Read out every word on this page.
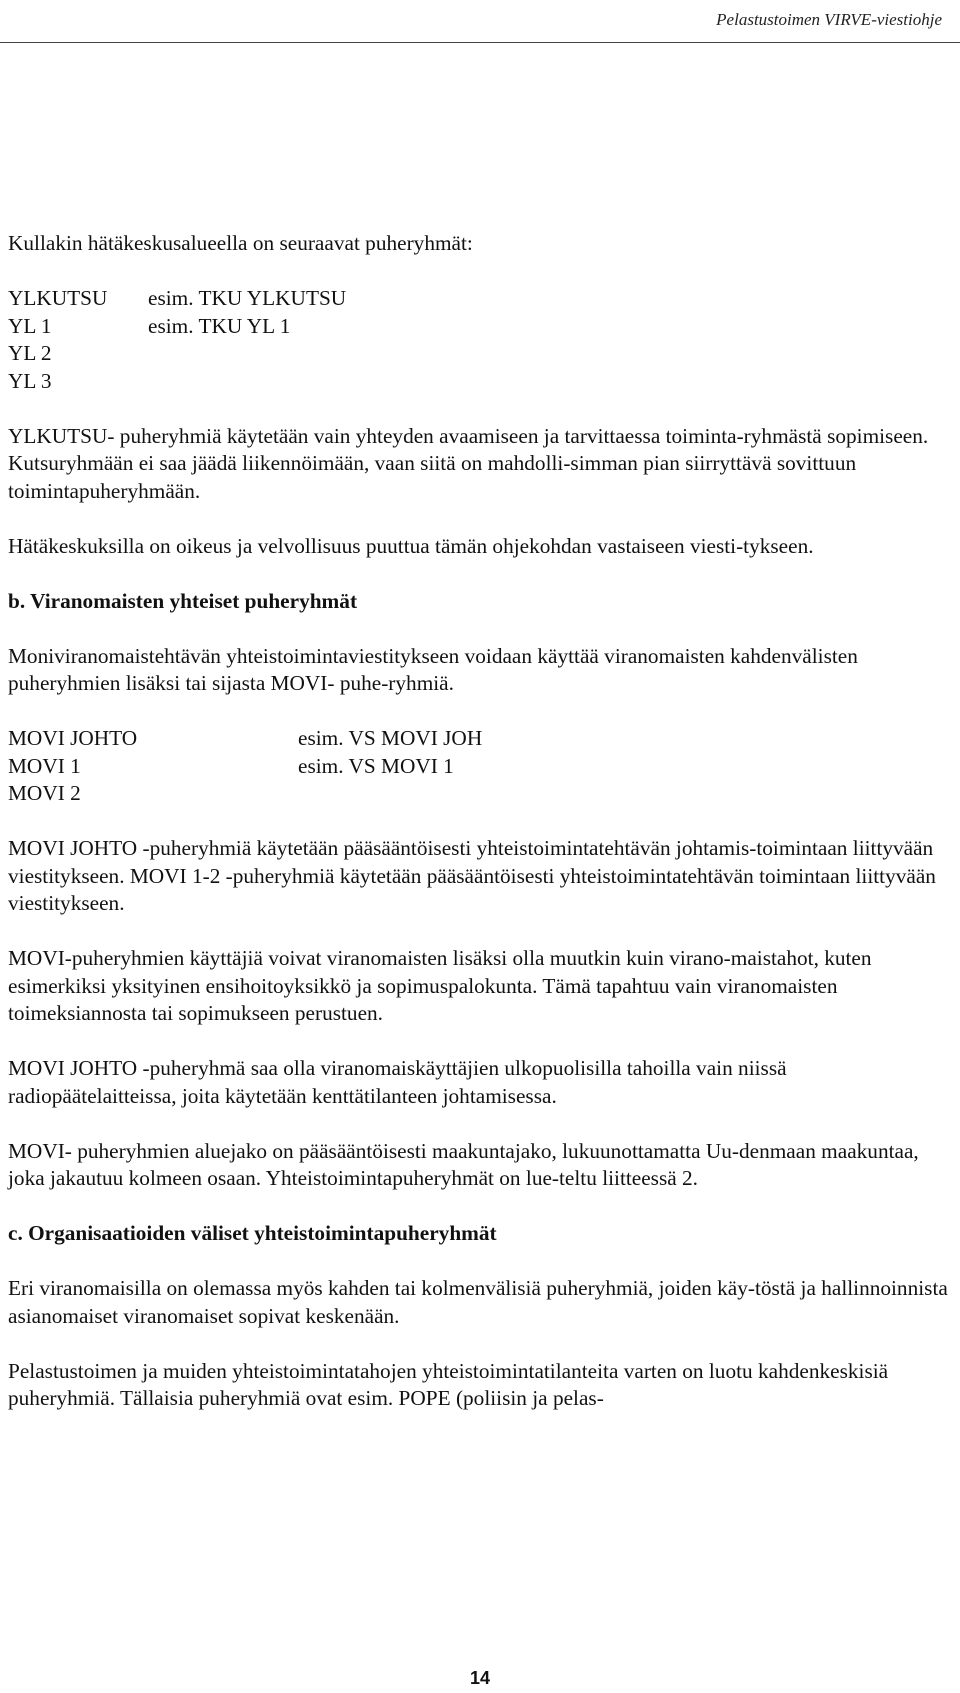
Pelastustoimen VIRVE-viestiohje

Kullakin hätäkeskusalueella on seuraavat puheryhmät:

YLKUTSU	esim. TKU YLKUTSU
YL 1	esim. TKU YL 1
YL 2
YL 3

YLKUTSU- puheryhmiä käytetään vain yhteyden avaamiseen ja tarvittaessa toiminta-ryhmästä sopimiseen. Kutsuryhmään ei saa jäädä liikennöimään, vaan siitä on mahdolli-simman pian siirryttävä sovittuun toimintapuheryhmään.

Hätäkeskuksilla on oikeus ja velvollisuus puuttua tämän ohjekohdan vastaiseen viesti-tykseen.

b. Viranomaisten yhteiset puheryhmät

Moniviranomaistehtävän yhteistoimintaviestitykseen voidaan käyttää viranomaisten kahdenvälisten puheryhmien lisäksi tai sijasta MOVI- puhe-ryhmiä.

MOVI JOHTO	esim. VS MOVI JOH
MOVI 1	esim. VS MOVI 1
MOVI 2

MOVI JOHTO -puheryhmiä käytetään pääsääntöisesti yhteistoimintatehtävän johtamis-toimintaan liittyvään viestitykseen. MOVI 1-2 -puheryhmiä käytetään pääsääntöisesti yhteistoimintatehtävän toimintaan liittyvään viestitykseen.

MOVI-puheryhmien käyttäjiä voivat viranomaisten lisäksi olla muutkin kuin virano-maistahot, kuten esimerkiksi yksityinen ensihoitoyksikkö ja sopimuspalokunta. Tämä tapahtuu vain viranomaisten toimeksiannosta tai sopimukseen perustuen.

MOVI JOHTO -puheryhmä saa olla viranomaiskäyttäjien ulkopuolisilla tahoilla vain niissä radiopäätelaitteissa, joita käytetään kenttätilanteen johtamisessa.

MOVI- puheryhmien aluejako on pääsääntöisesti maakuntajako, lukuunottamatta Uu-denmaan maakuntaa, joka jakautuu kolmeen osaan. Yhteistoimintapuheryhmät on lue-teltu liitteessä 2.

c. Organisaatioiden väliset yhteistoimintapuheryhmät

Eri viranomaisilla on olemassa myös kahden tai kolmenvälisiä puheryhmiä, joiden käy-töstä ja hallinnoinnista asianomaiset viranomaiset sopivat keskenään.

Pelastustoimen ja muiden yhteistoimintatahojen yhteistoimintatilanteita varten on luotu kahdenkeskisiä puheryhmiä. Tällaisia puheryhmiä ovat esim. POPE (poliisin ja pelas-

14
